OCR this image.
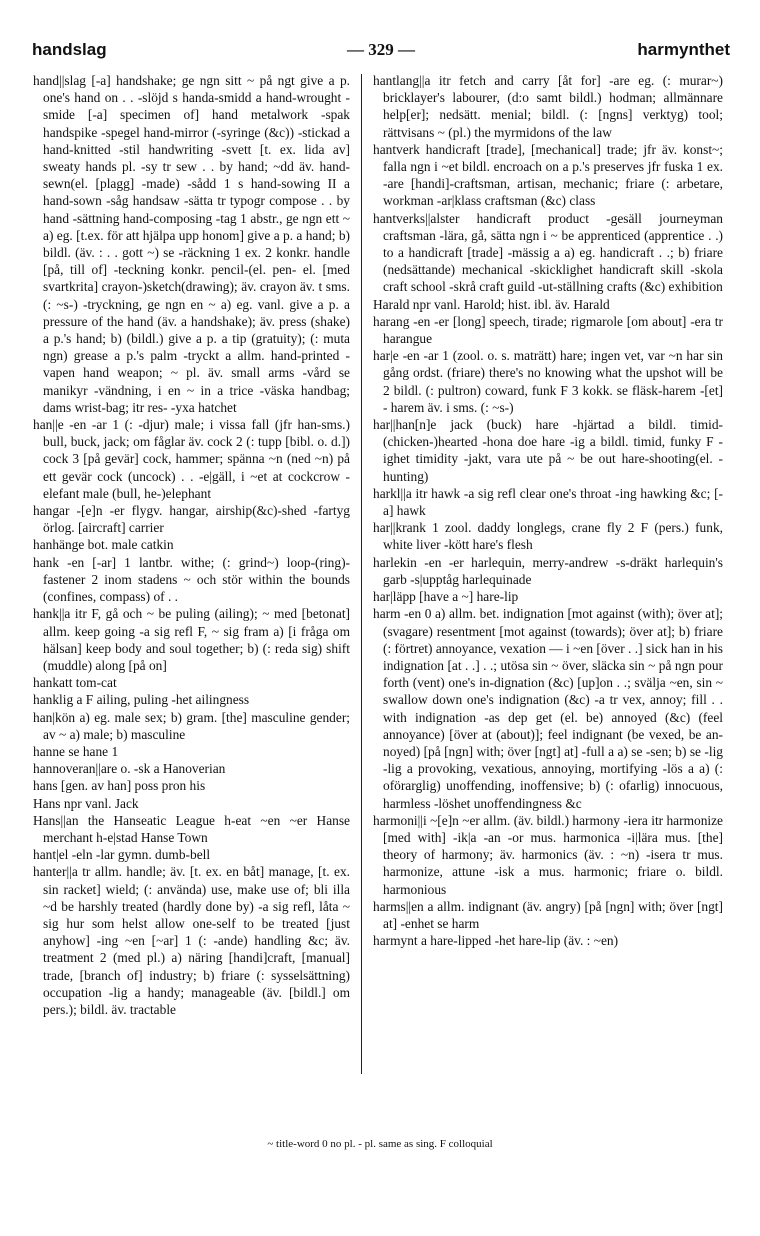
handslag	— 329 —	harmynthet

hand||slag [-a] handshake; ge ngn sitt ~ på ngt give a p. one's hand on . . -slöjd s handa-smidd a hand-wrought -smide [-a] specimen of] hand metalwork -spak handspike -spegel hand-mirror (-syringe (&c)) -stickad a hand-knitted -stil handwriting -svett [t. ex. lida av] sweaty hands pl. -sy tr sew . . by hand; ~dd äv. hand-sewn(el. [plagg] -made) -sådd 1 s hand-sowing II a hand-sown -såg handsaw -sätta tr typogr compose . . by hand -sättning hand-composing -tag 1 abstr., ge ngn ett ~ a) eg. [t.ex. för att hjälpa upp honom] give a p. a hand; b) bildl. (äv. : . . gott ~) se -räckning 1 ex. 2 konkr. handle [på, till of] -teckning konkr. pencil-(el. pen- el. [med svartkrita] crayon-)sketch(drawing); äv. crayon äv. t sms. (: ~s-) -tryckning, ge ngn en ~ a) eg. vanl. give a p. a pressure of the hand (äv. a handshake); äv. press (shake) a p.'s hand; b) (bildl.) give a p. a tip (gratuity); (: muta ngn) grease a p.'s palm -tryckt a allm. hand-printed -vapen hand weapon; ~ pl. äv. small arms -vård se manikyr -vändning, i en ~ in a trice -väska handbag; dams wrist-bag; itr res- -yxa hatchet

han||e -en -ar 1 (: -djur) male; i vissa fall (jfr han-sms.) bull, buck, jack; om fåglar äv. cock 2 (: tupp [bibl. o. d.]) cock 3 [på gevär] cock, hammer; spänna ~n (ned ~n) på ett gevär cock (uncock) . . -e|gäll, i ~et at cockcrow -elefant male (bull, he-)elephant

hangar -[e]n -er flygv. hangar, airship(&c)-shed -fartyg örlog. [aircraft] carrier

hanhänge bot. male catkin

hank -en [-ar] 1 lantbr. withe; (: grind~) loop-(ring)-fastener 2 inom stadens ~ och stör within the bounds (confines, compass) of . .

hank||a itr F, gå och ~ be puling (ailing); ~ med [betonat] allm. keep going -a sig refl F, ~ sig fram a) [i fråga om hälsan] keep body and soul together; b) (: reda sig) shift (muddle) along [på on]

hankatt tom-cat

hanklig a F ailing, puling -het ailingness

han|kön a) eg. male sex; b) gram. [the] masculine gender; av ~ a) male; b) masculine

hanne se hane 1

hannoveran||are o. -sk a Hanoverian

hans [gen. av han] poss pron his

Hans npr vanl. Jack

Hans||an the Hanseatic League h-eat ~en ~er Hanse merchant h-e|stad Hanse Town

hant|el -eln -lar gymn. dumb-bell

hanter||a tr allm. handle; äv. [t. ex. en båt] manage, [t. ex. sin racket] wield; (: använda) use, make use of; bli illa ~d be harshly treated (hardly done by) -a sig refl, låta ~ sig hur som helst allow one-self to be treated [just anyhow] -ing ~en [~ar] 1 (: -ande) handling &c; äv. treatment 2 (med pl.) a) näring [handi]craft, [manual] trade, [branch of] industry; b) friare (: sysselsättning) occupation -lig a handy; manageable (äv. [bildl.] om pers.); bildl. äv. tractable

hantlang||a itr fetch and carry [åt for] -are eg. (: murar~) bricklayer's labourer, (d:o samt bildl.) hodman; allmännare help[er]; nedsätt. menial; bildl. (: [ngns] verktyg) tool; rättvisans ~ (pl.) the myrmidons of the law

hantverk handicraft [trade], [mechanical] trade; jfr äv. konst~; falla ngn i ~et bildl. encroach on a p.'s preserves jfr fuska 1 ex. -are [handi]-craftsman, artisan, mechanic; friare (: arbetare, workman -ar|klass craftsman (&c) class

hantverks||alster handicraft product -gesäll journeyman craftsman -lära, gå, sätta ngn i ~ be apprenticed (apprentice . .) to a handicraft [trade] -mässig a a) eg. handicraft . .; b) friare (nedsättande) mechanical -skicklighet handicraft skill -skola craft school -skrå craft guild -ut-ställning crafts (&c) exhibition

Harald npr vanl. Harold; hist. ibl. äv. Harald

harang -en -er [long] speech, tirade; rigmarole [om about] -era tr harangue

har|e -en -ar 1 (zool. o. s. maträtt) hare; ingen vet, var ~n har sin gång ordst. (friare) there's no knowing what the upshot will be 2 bildl. (: pultron) coward, funk F 3 kokk. se fläsk-harem -[et] - harem äv. i sms. (: ~s-)

har||han[n]e jack (buck) hare -hjärtad a bildl. timid-(chicken-)hearted -hona doe hare -ig a bildl. timid, funky F -ighet timidity -jakt, vara ute på ~ be out hare-shooting(el. -hunting)

harkl||a itr hawk -a sig refl clear one's throat -ing hawking &c; [-a] hawk

har||krank 1 zool. daddy longlegs, crane fly 2 F (pers.) funk, white liver -kött hare's flesh

harlekin -en -er harlequin, merry-andrew -s-dräkt harlequin's garb -s|upptåg harlequinade

har|läpp [have a ~] hare-lip

harm -en 0 a) allm. bet. indignation [mot against (with); över at]; (svagare) resentment [mot against (towards); över at]; b) friare (: förtret) annoyance, vexation — i ~en [över . .] sick han in his indignation [at . .] . .; utösa sin ~ över, släcka sin ~ på ngn pour forth (vent) one's in-dignation (&c) [up]on . .; svälja ~en, sin ~ swallow down one's indignation (&c) -a tr vex, annoy; fill . . with indignation -as dep get (el. be) annoyed (&c) (feel annoyance) [över at (about)]; feel indignant (be vexed, be an-noyed) [på [ngn] with; över [ngt] at] -full a a) se -sen; b) se -lig -lig a provoking, vexatious, annoying, mortifying -lös a a) (: oförarglig) unoffending, inoffensive; b) (: ofarlig) innocuous, harmless -löshet unoffendingness &c

harmoni||i ~[e]n ~er allm. (äv. bildl.) harmony -iera itr harmonize [med with] -ik|a -an -or mus. harmonica -i|lära mus. [the] theory of harmony; äv. harmonics (äv. : ~n) -isera tr mus. harmonize, attune -isk a mus. harmonic; friare o. bildl. harmonious

harms||en a allm. indignant (äv. angry) [på [ngn] with; över [ngt] at] -enhet se harm

harmynt a hare-lipped -het hare-lip (äv. : ~en)

~ title-word 0 no pl. - pl. same as sing. F colloquial
